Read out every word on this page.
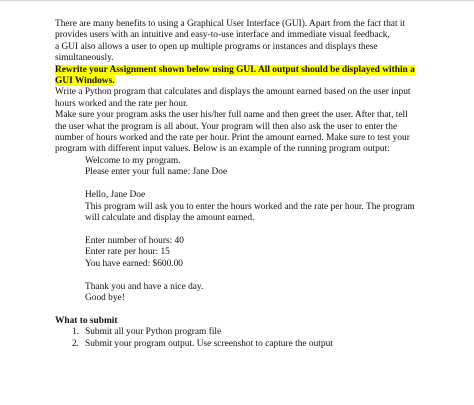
There are many benefits to using a Graphical User Interface (GUI). Apart from the fact that it
provides users with an intuitive and easy-to-use interface and immediate visual feedback,
a GUI also allows a user to open up multiple programs or instances and displays these
simultaneously.

Rewrite your Assignment shown below using GUI. All output should be displayed within a
GUI Windows.

Write a Python program that calculates and displays the amount earned based on the user input
hours worked and the rate per hour.

Make sure your program asks the user his/her full name and then greet the user. After that, tell
the user what the program is all about. Your program will then also ask the user to enter the
number of hours worked and the rate per hour. Print the amount earned. Make sure to test your
program with different input values. Below is an example of the running program output:

Welcome to my program.
Please enter your full name: Jane Doe
Hello, Jane Doe
This program will ask you to enter the hours worked and the rate per hour. The program
will calculate and display the amount earned.
Enter number of hours: 40
Enter rate per hour: 15
You have earned: $600.00
Thank you and have a nice day.
Good bye!

What to submit

1. Submit all your Python program file
2. Submit your program output. Use screenshot to capture the output
